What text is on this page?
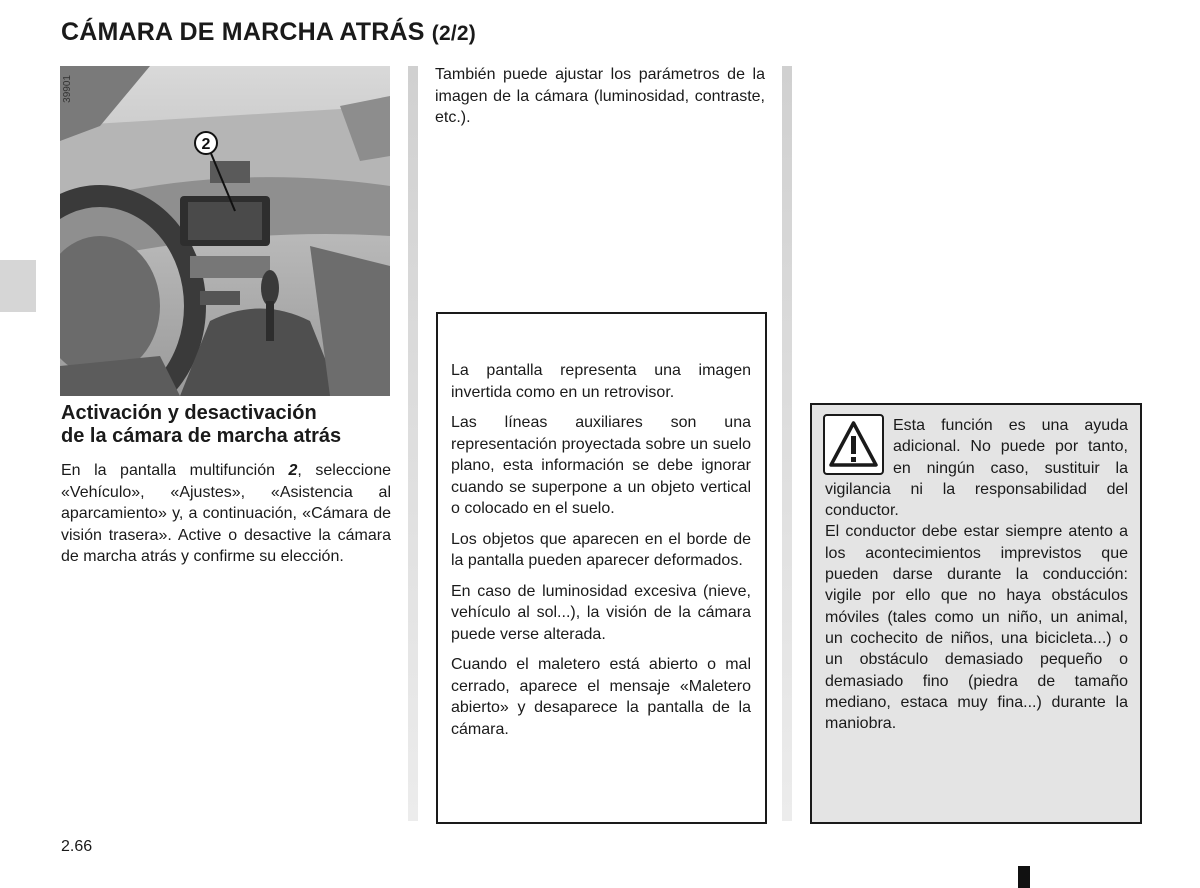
CÁMARA DE MARCHA ATRÁS (2/2)
2
39901
Activación y desactivación
de la cámara de marcha atrás
En la pantalla multifunción 2, seleccione «Vehículo», «Ajustes», «Asistencia al aparcamiento» y, a continuación, «Cámara de visión trasera». Active o desactive la cámara de marcha atrás y confirme su elección.
También puede ajustar los parámetros de la imagen de la cámara (luminosidad, contraste, etc.).

La pantalla representa una imagen invertida como en un retrovisor.

Las líneas auxiliares son una representación proyectada sobre un suelo plano, esta información se debe ignorar cuando se superpone a un objeto vertical o colocado en el suelo.

Los objetos que aparecen en el borde de la pantalla pueden aparecer deformados.

En caso de luminosidad excesiva (nieve, vehículo al sol...), la visión de la cámara puede verse alterada.

Cuando el maletero está abierto o mal cerrado, aparece el mensaje «Maletero abierto» y desaparece la pantalla de la cámara.

Esta función es una ayuda adicional. No puede por tanto, en ningún caso, sustituir la vigilancia ni la responsabilidad del conductor.

El conductor debe estar siempre atento a los acontecimientos imprevistos que pueden darse durante la conducción: vigile por ello que no haya obstáculos móviles (tales como un niño, un animal, un cochecito de niños, una bicicleta...) o un obstáculo demasiado pequeño o demasiado fino (piedra de tamaño mediano, estaca muy fina...) durante la maniobra.

2.66
